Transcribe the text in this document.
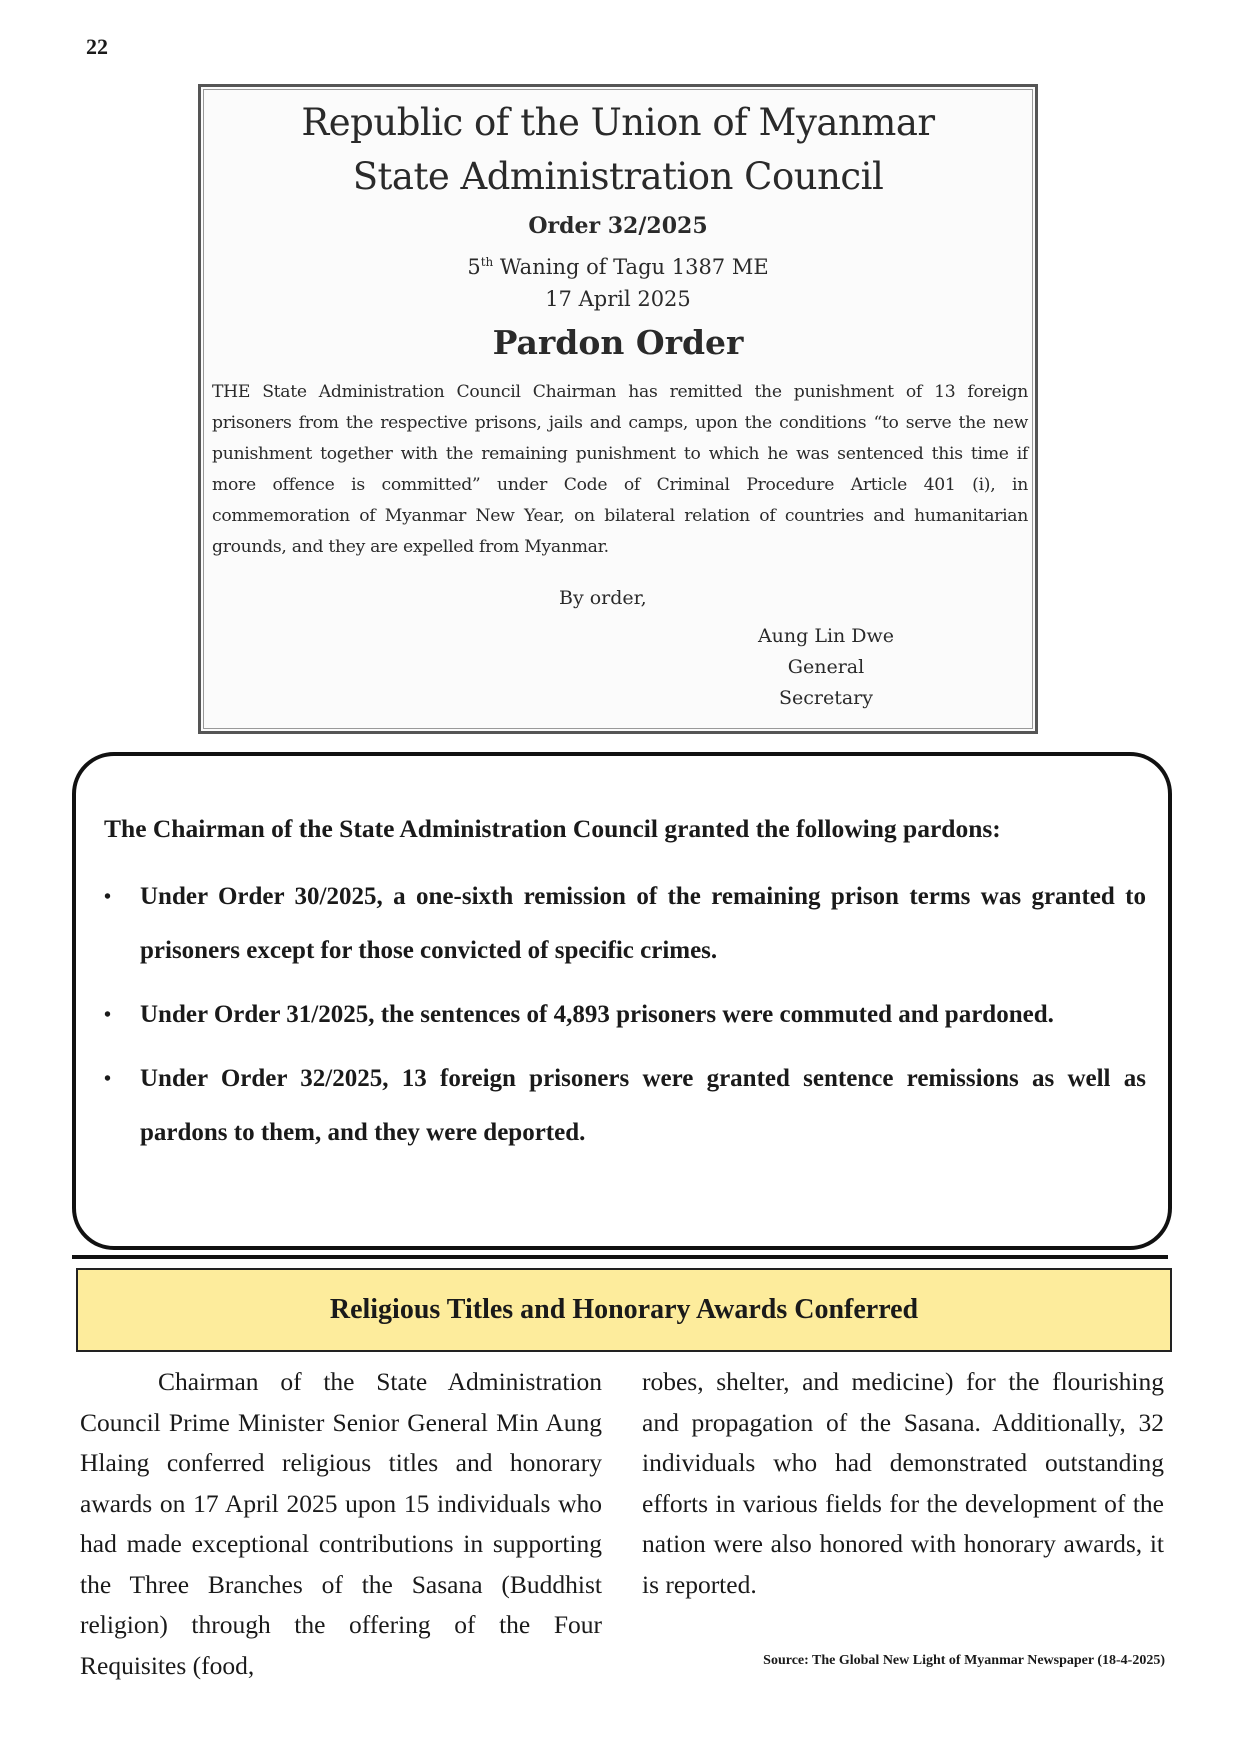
22
Republic of the Union of Myanmar
State Administration Council
Order 32/2025
5th Waning of Tagu 1387 ME
17 April 2025
Pardon Order
THE State Administration Council Chairman has remitted the punishment of 13 foreign prisoners from the respective prisons, jails and camps, upon the conditions “to serve the new punishment together with the remaining punishment to which he was sentenced this time if more offence is committed” under Code of Criminal Procedure Article 401 (i), in commemoration of Myanmar New Year, on bilateral relation of countries and humanitarian grounds, and they are expelled from Myanmar.
By order,
Aung Lin Dwe
General
Secretary
The Chairman of the State Administration Council granted the following pardons:
• Under Order 30/2025, a one-sixth remission of the remaining prison terms was granted to prisoners except for those convicted of specific crimes.
• Under Order 31/2025, the sentences of 4,893 prisoners were commuted and pardoned.
• Under Order 32/2025, 13 foreign prisoners were granted sentence remissions as well as pardons to them, and they were deported.
Religious Titles and Honorary Awards Conferred
Chairman of the State Administration Council Prime Minister Senior General Min Aung Hlaing conferred religious titles and honorary awards on 17 April 2025 upon 15 individuals who had made exceptional contributions in supporting the Three Branches of the Sasana (Buddhist religion) through the offering of the Four Requisites (food,
robes, shelter, and medicine) for the flourishing and propagation of the Sasana. Additionally, 32 individuals who had demonstrated outstanding efforts in various fields for the development of the nation were also honored with honorary awards, it is reported.
Source: The Global New Light of Myanmar Newspaper (18-4-2025)
